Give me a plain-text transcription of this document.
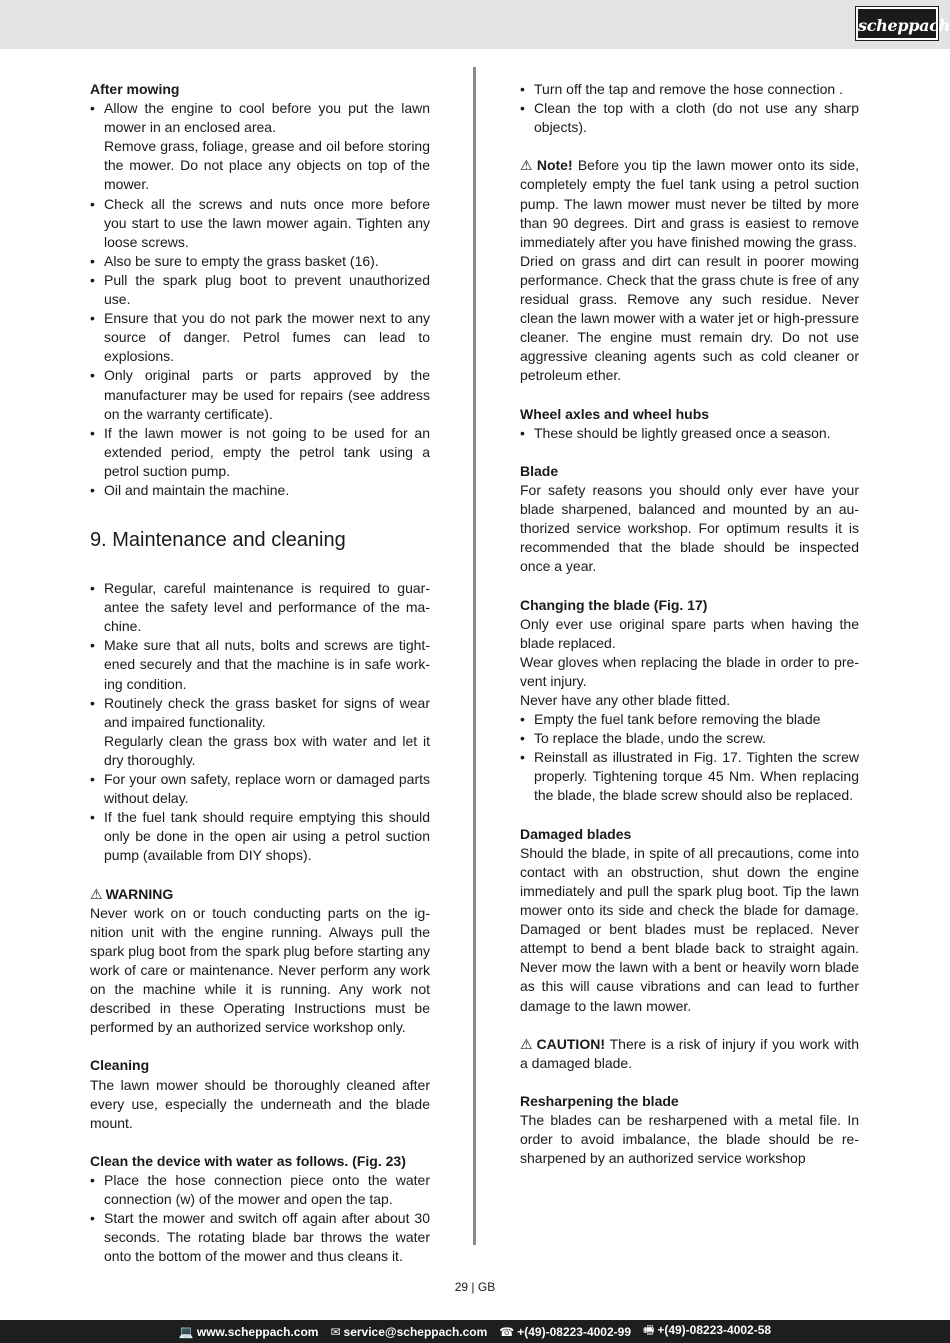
scheppach
After mowing
• Allow the engine to cool before you put the lawn mower in an enclosed area.

Remove grass, foliage, grease and oil before storing the mower. Do not place any objects on top of the mower.

• Check all the screws and nuts once more before you start to use the lawn mower again. Tighten any loose screws.
• Also be sure to empty the grass basket (16).
• Pull the spark plug boot to prevent unauthorized use.
• Ensure that you do not park the mower next to any source of danger. Petrol fumes can lead to explosions.
• Only original parts or parts approved by the manufacturer may be used for repairs (see address on the warranty certificate).
• If the lawn mower is not going to be used for an extended period, empty the petrol tank using a petrol suction pump.
• Oil and maintain the machine.
9. Maintenance and cleaning
• Regular, careful maintenance is required to guarantee the safety level and performance of the machine.
• Make sure that all nuts, bolts and screws are tightened securely and that the machine is in safe working condition.
• Routinely check the grass basket for signs of wear and impaired functionality.

Regularly clean the grass box with water and let it dry thoroughly.

• For your own safety, replace worn or damaged parts without delay.
• If the fuel tank should require emptying this should only be done in the open air using a petrol suction pump (available from DIY shops).
⚠ WARNING

Never work on or touch conducting parts on the ignition unit with the engine running. Always pull the spark plug boot from the spark plug before starting any work of care or maintenance. Never perform any work on the machine while it is running. Any work not described in these Operating Instructions must be performed by an authorized service workshop only.

Cleaning

The lawn mower should be thoroughly cleaned after every use, especially the underneath and the blade mount.

Clean the device with water as follows. (Fig. 23)
• Place the hose connection piece onto the water connection (w) of the mower and open the tap.
• Start the mower and switch off again after about 30 seconds. The rotating blade bar throws the water onto the bottom of the mower and thus cleans it.
• Turn off the tap and remove the hose connection .
• Clean the top with a cloth (do not use any sharp objects).

⚠ Note! Before you tip the lawn mower onto its side, completely empty the fuel tank using a petrol suction pump. The lawn mower must never be tilted by more than 90 degrees. Dirt and grass is easiest to remove immediately after you have finished mowing the grass.

Dried on grass and dirt can result in poorer mowing performance. Check that the grass chute is free of any residual grass. Remove any such residue. Never clean the lawn mower with a water jet or high-pressure cleaner. The engine must remain dry. Do not use aggressive cleaning agents such as cold cleaner or petroleum ether.

Wheel axles and wheel hubs
• These should be lightly greased once a season.
Blade

For safety reasons you should only ever have your blade sharpened, balanced and mounted by an authorized service workshop. For optimum results it is recommended that the blade should be inspected once a year.

Changing the blade (Fig. 17)

Only ever use original spare parts when having the blade replaced.

Wear gloves when replacing the blade in order to prevent injury.

Never have any other blade fitted.

• Empty the fuel tank before removing the blade
• To replace the blade, undo the screw.
• Reinstall as illustrated in Fig. 17. Tighten the screw properly. Tightening torque 45 Nm. When replacing the blade, the blade screw should also be replaced.
Damaged blades

Should the blade, in spite of all precautions, come into contact with an obstruction, shut down the engine immediately and pull the spark plug boot. Tip the lawn mower onto its side and check the blade for damage. Damaged or bent blades must be replaced. Never attempt to bend a bent blade back to straight again. Never mow the lawn with a bent or heavily worn blade as this will cause vibrations and can lead to further damage to the lawn mower.

⚠ CAUTION! There is a risk of injury if you work with a damaged blade.

Resharpening the blade

The blades can be resharpened with a metal file. In order to avoid imbalance, the blade should be resharpened by an authorized service workshop

29 | GB
💻 www.scheppach.com ✉ service@scheppach.com ☎ +(49)-08223-4002-99 🖷 +(49)-08223-4002-58
